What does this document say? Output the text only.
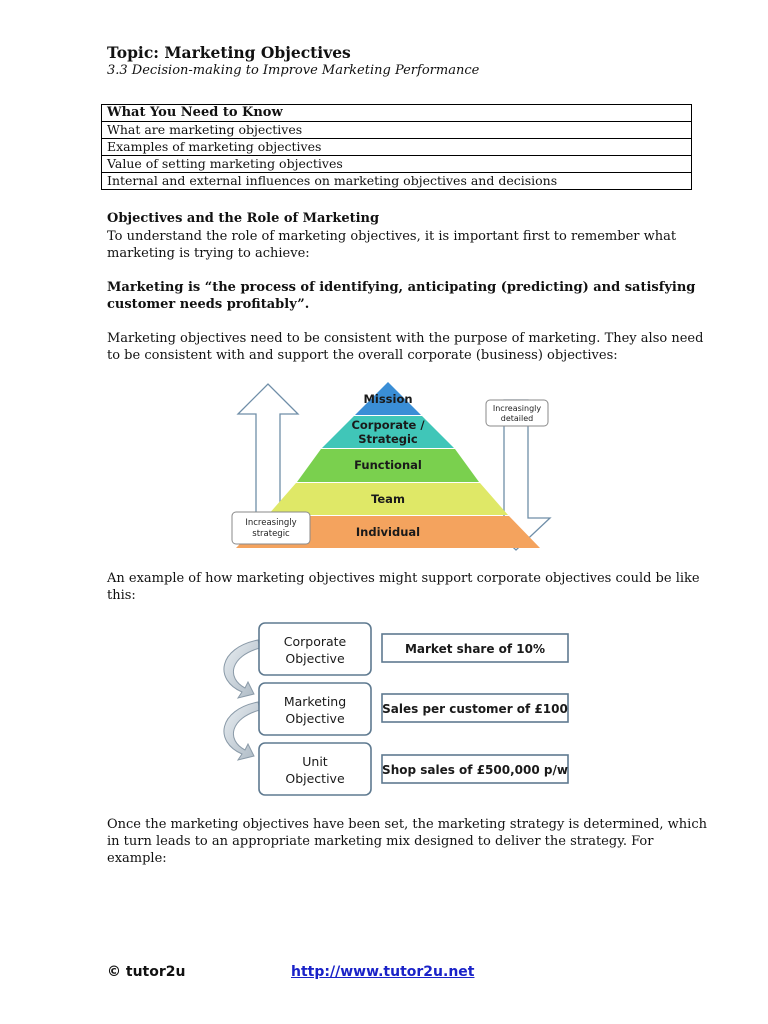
Topic: Marketing Objectives
3.3 Decision-making to Improve Marketing Performance
What You Need to Know
What are marketing objectives
Examples of marketing objectives
Value of setting marketing objectives
Internal and external influences on marketing objectives and decisions
Objectives and the Role of Marketing
To understand the role of marketing objectives, it is important first to remember what marketing is trying to achieve:
Marketing is “the process of identifying, anticipating (predicting) and satisfying customer needs profitably”.
Marketing objectives need to be consistent with the purpose of marketing. They also need to be consistent with and support the overall corporate (business) objectives:
Mission
Corporate /
Strategic
Functional
Team
Individual
Increasingly
strategic
Increasingly
detailed
An example of how marketing objectives might support corporate objectives could be like this:
Corporate
Objective
Marketing
Objective
Unit
Objective
Market share of 10%
Sales per customer of £100
Shop sales of £500,000 p/w
Once the marketing objectives have been set, the marketing strategy is determined, which in turn leads to an appropriate marketing mix designed to deliver the strategy. For example:
© tutor2u	http://www.tutor2u.net
